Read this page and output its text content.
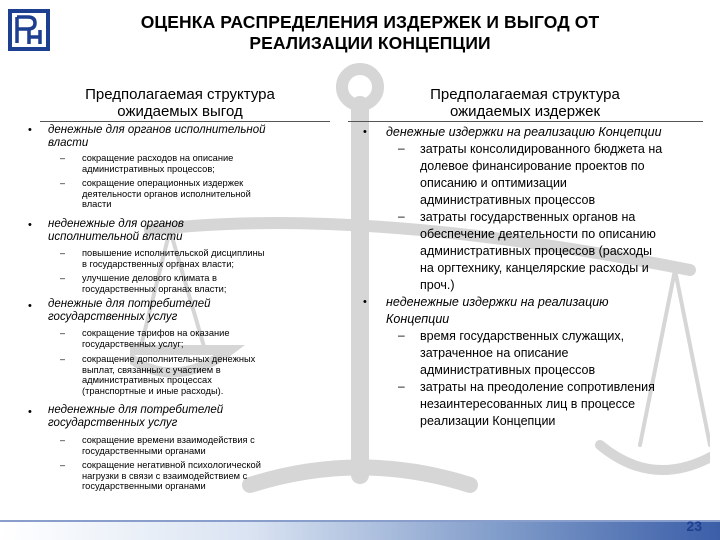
ОЦЕНКА РАСПРЕДЕЛЕНИЯ ИЗДЕРЖЕК И ВЫГОД ОТ
РЕАЛИЗАЦИИ КОНЦЕПЦИИ
Предполагаемая структура
ожидаемых выгод
Предполагаемая структура
ожидаемых издержек
• денежные для органов исполнительной
власти
– сокращение расходов на описание
административных процессов;
– сокращение операционных издержек
деятельности органов исполнительной
власти
• неденежные для органов
исполнительной власти
– повышение исполнительской дисциплины
в государственных органах власти;
– улучшение делового климата в
государственных органах власти;
• денежные для потребителей
государственных услуг
– сокращение тарифов на оказание
государственных услуг;
– сокращение дополнительных денежных
выплат, связанных с участием в
административных процессах
(транспортные и иные расходы).
• неденежные для потребителей
государственных услуг
– сокращение времени взаимодействия с
государственными органами
– сокращение негативной психологической
нагрузки в связи с взаимодействием с
государственными органами
• денежные издержки на реализацию Концепции
– затраты консолидированного бюджета на
долевое финансирование проектов по
описанию и оптимизации
административных процессов
– затраты государственных органов на
обеспечение деятельности по описанию
административных процессов (расходы
на оргтехнику, канцелярские расходы и
проч.)
• неденежные издержки на реализацию
Концепции
– время государственных служащих,
затраченное на описание
административных процессов
– затраты на преодоление сопротивления
незаинтересованных лиц в процессе
реализации Концепции
23
